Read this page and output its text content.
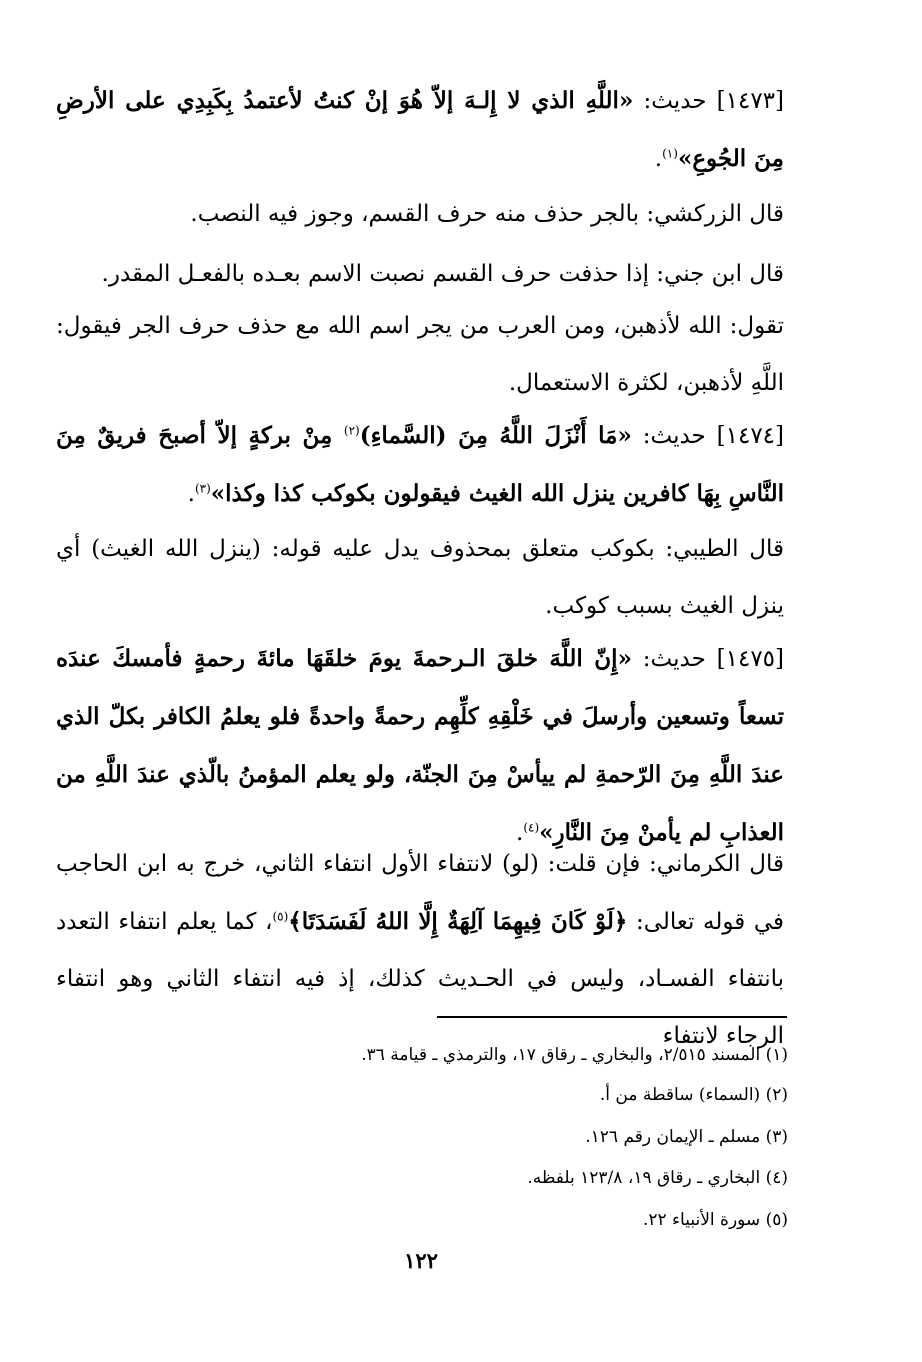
[١٤٧٣] حديث: «اللَّهِ الذي لا إِلـهَ إلاّ هُوَ إنْ كنتُ لأعتمدُ بِكَبِدِي على الأرضِ مِنَ الجُوعِ»$^{(١)}$.

قال الزركشي: بالجر حذف منه حرف القسم، وجوز فيه النصب.

قال ابن جني: إذا حذفت حرف القسم نصبت الاسم بعـده بالفعـل المقدر.

تقول: الله لأذهبن، ومن العرب من يجر اسم الله مع حذف حرف الجر فيقول: اللَّهِ لأذهبن، لكثرة الاستعمال.

[١٤٧٤] حديث: «مَا أَنْزَلَ اللَّهُ مِنَ (السَّماءِ)$^{(٢)}$ مِنْ بركةٍ إلاّ أصبحَ فريقٌ مِنَ النَّاسِ بِهَا كافرين ينزل الله الغيث فيقولون بكوكب كذا وكذا»$^{(٣)}$.

قال الطيبي: بكوكب متعلق بمحذوف يدل عليه قوله: (ينزل الله الغيث) أي ينزل الغيث بسبب كوكب.

[١٤٧٥] حديث: «إِنّ اللَّهَ خلقَ الـرحمةَ يومَ خلقَهَا مائةَ رحمةٍ فأمسكَ عندَه تسعاً وتسعين وأرسلَ في خَلْقِهِ كلِّهِم رحمةً واحدةً فلو يعلمُ الكافر بكلّ الذي عندَ اللَّهِ مِنَ الرّحمةِ لم ييأسْ مِنَ الجنّة، ولو يعلم المؤمنُ بالّذي عندَ اللَّهِ من العذابِ لم يأمنْ مِنَ النَّارِ»$^{(٤)}$.

قال الكرماني: فإن قلت: (لو) لانتفاء الأول انتفاء الثاني، خرج به ابن الحاجب في قوله تعالى: ﴿لَوْ كَانَ فِيهِمَا آلِهَةٌ إِلَّا اللهُ لَفَسَدَتَا﴾$^{(٥)}$، كما يعلم انتفاء التعدد بانتفاء الفسـاد، وليس في الحـديث كذلك، إذ فيه انتفاء الثاني وهو انتفاء الرجاء لانتفاء

(١) المسند ٢/٥١٥، والبخاري ـ رقاق ١٧، والترمذي ـ قيامة ٣٦.
(٢) (السماء) ساقطة من أ.
(٣) مسلم ـ الإيمان رقم ١٢٦.
(٤) البخاري ـ رقاق ١٩، ١٢٣/٨ بلفظه.
(٥) سورة الأنبياء ٢٢.
١٢٢
